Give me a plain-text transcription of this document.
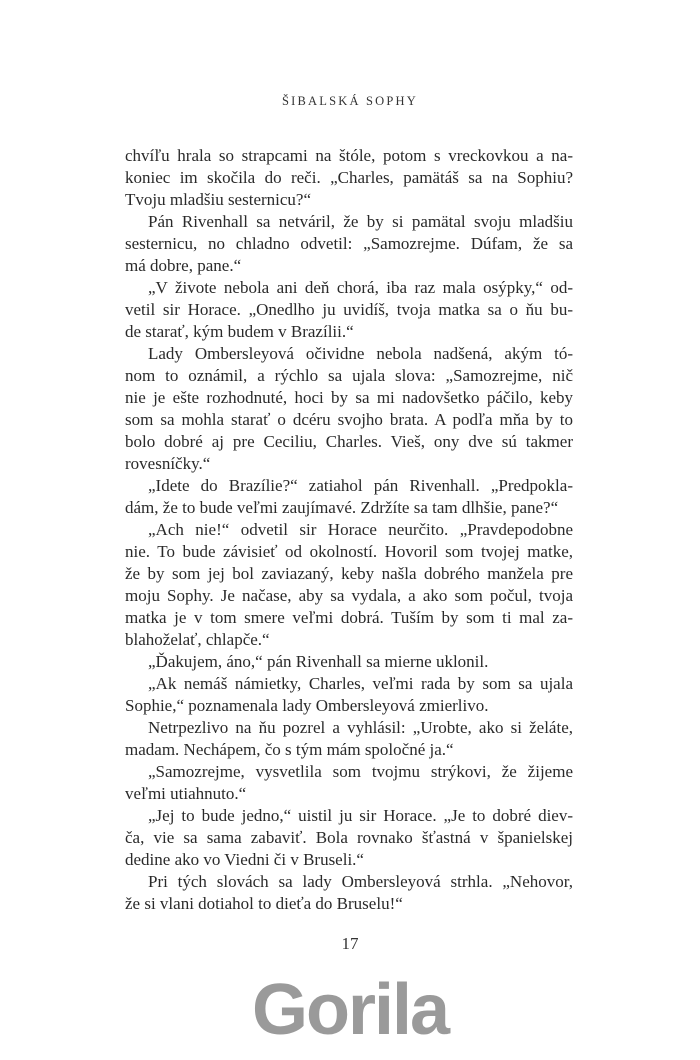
ŠIBALSKÁ SOPHY
chvíľu hrala so strapcami na štóle, potom s vreckovkou a na-
koniec im skočila do reči. „Charles, pamätáš sa na Sophiu?
Tvoju mladšiu sesternicu?“
Pán Rivenhall sa netváril, že by si pamätal svoju mladšiu
sesternicu, no chladno odvetil: „Samozrejme. Dúfam, že sa
má dobre, pane.“
„V živote nebola ani deň chorá, iba raz mala osýpky,“ od-
vetil sir Horace. „Onedlho ju uvidíš, tvoja matka sa o ňu bu-
de starať, kým budem v Brazílii.“
Lady Ombersleyová očividne nebola nadšená, akým tó-
nom to oznámil, a rýchlo sa ujala slova: „Samozrejme, nič
nie je ešte rozhodnuté, hoci by sa mi nadovšetko páčilo, keby
som sa mohla starať o dcéru svojho brata. A podľa mňa by to
bolo dobré aj pre Ceciliu, Charles. Vieš, ony dve sú takmer
rovesníčky.“
„Idete do Brazílie?“ zatiahol pán Rivenhall. „Predpokla-
dám, že to bude veľmi zaujímavé. Zdržíte sa tam dlhšie, pane?“
„Ach nie!“ odvetil sir Horace neurčito. „Pravdepodobne
nie. To bude závisieť od okolností. Hovoril som tvojej matke,
že by som jej bol zaviazaný, keby našla dobrého manžela pre
moju Sophy. Je načase, aby sa vydala, a ako som počul, tvoja
matka je v tom smere veľmi dobrá. Tuším by som ti mal za-
blahoželať, chlapče.“
„Ďakujem, áno,“ pán Rivenhall sa mierne uklonil.
„Ak nemáš námietky, Charles, veľmi rada by som sa ujala
Sophie,“ poznamenala lady Ombersleyová zmierlivo.
Netrpezlivo na ňu pozrel a vyhlásil: „Urobte, ako si želáte,
madam. Nechápem, čo s tým mám spoločné ja.“
„Samozrejme, vysvetlila som tvojmu strýkovi, že žijeme
veľmi utiahnuto.“
„Jej to bude jedno,“ uistil ju sir Horace. „Je to dobré diev-
ča, vie sa sama zabaviť. Bola rovnako šťastná v španielskej
dedine ako vo Viedni či v Bruseli.“
Pri tých slovách sa lady Ombersleyová strhla. „Nehovor,
že si vlani dotiahol to dieťa do Bruselu!“
17
Gorila
